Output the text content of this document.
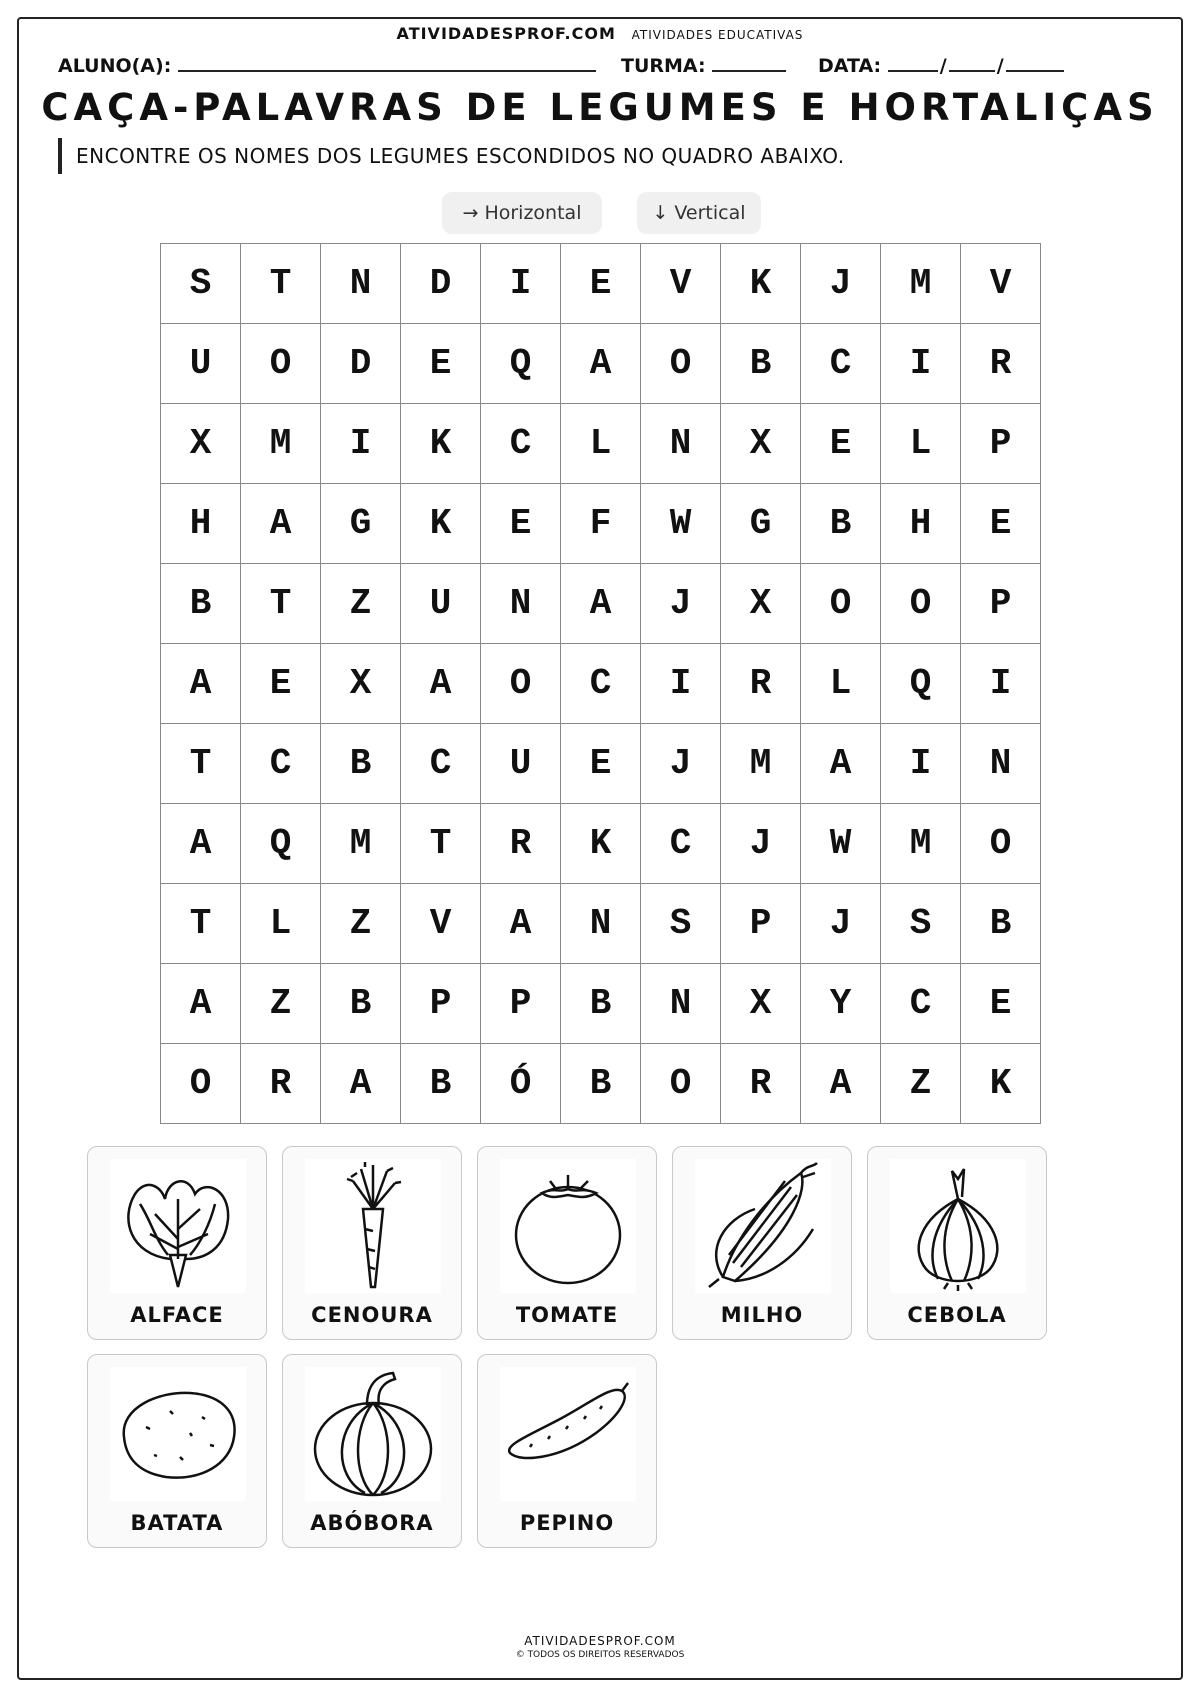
ATIVIDADESPROF.COM ATIVIDADES EDUCATIVAS
ALUNO(A):	TURMA:	DATA:	/	/
CAÇA-PALAVRAS DE LEGUMES E HORTALIÇAS
ENCONTRE OS NOMES DOS LEGUMES ESCONDIDOS NO QUADRO ABAIXO.
→ Horizontal	↓ Vertical
S	T	N	D	I	E	V	K	J	M	V
U	O	D	E	Q	A	O	B	C	I	R
X	M	I	K	C	L	N	X	E	L	P
H	A	G	K	E	F	W	G	B	H	E
B	T	Z	U	N	A	J	X	O	O	P
A	E	X	A	O	C	I	R	L	Q	I
T	C	B	C	U	E	J	M	A	I	N
A	Q	M	T	R	K	C	J	W	M	O
T	L	Z	V	A	N	S	P	J	S	B
A	Z	B	P	P	B	N	X	Y	C	E
O	R	A	B	Ó	B	O	R	A	Z	K
ALFACE	CENOURA	TOMATE	MILHO	CEBOLA
BATATA	ABÓBORA	PEPINO
ATIVIDADESPROF.COM
© TODOS OS DIREITOS RESERVADOS
